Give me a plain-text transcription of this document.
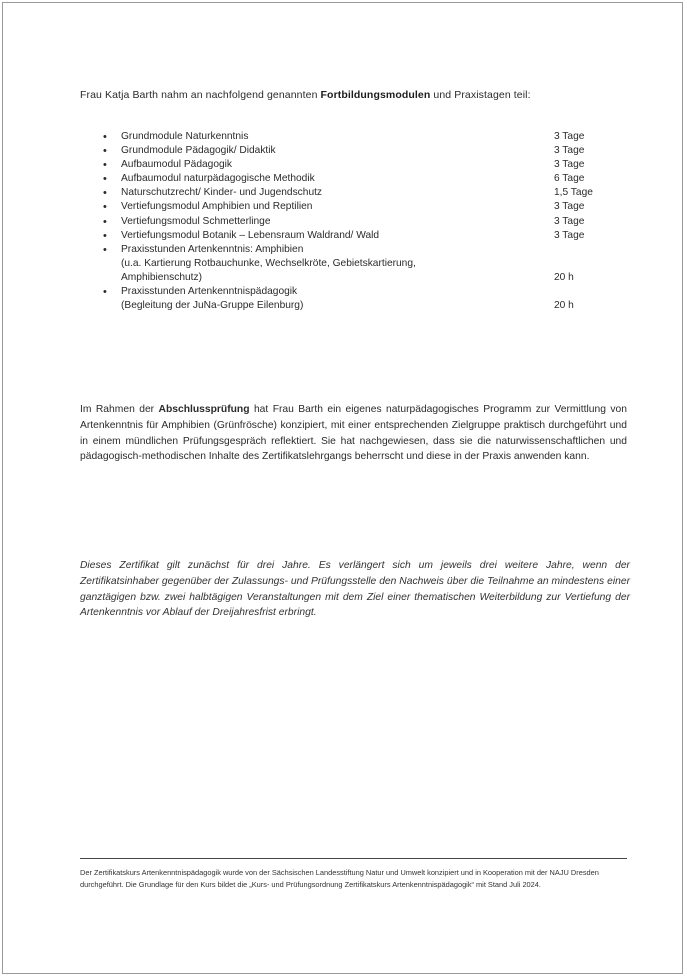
Frau Katja Barth nahm an nachfolgend genannten Fortbildungsmodulen und Praxistagen teil:

• Grundmodule Naturkenntnis	3 Tage
• Grundmodule Pädagogik/ Didaktik	3 Tage
• Aufbaumodul Pädagogik	3 Tage
• Aufbaumodul naturpädagogische Methodik	6 Tage
• Naturschutzrecht/ Kinder- und Jugendschutz	1,5 Tage
• Vertiefungsmodul Amphibien und Reptilien	3 Tage
• Vertiefungsmodul Schmetterlinge	3 Tage
• Vertiefungsmodul Botanik – Lebensraum Waldrand/ Wald	3 Tage
• Praxisstunden Artenkenntnis: Amphibien
(u.a. Kartierung Rotbauchunke, Wechselkröte, Gebietskartierung,
Amphibienschutz)	20 h
• Praxisstunden Artenkenntnispädagogik
(Begleitung der JuNa-Gruppe Eilenburg)	20 h

Im Rahmen der Abschlussprüfung hat Frau Barth ein eigenes naturpädagogisches Programm zur Vermittlung von Artenkenntnis für Amphibien (Grünfrösche) konzipiert, mit einer entsprechenden Zielgruppe praktisch durchgeführt und in einem mündlichen Prüfungsgespräch reflektiert. Sie hat nachgewiesen, dass sie die naturwissenschaftlichen und pädagogisch-methodischen Inhalte des Zertifikatslehrgangs beherrscht und diese in der Praxis anwenden kann.

Dieses Zertifikat gilt zunächst für drei Jahre. Es verlängert sich um jeweils drei weitere Jahre, wenn der Zertifikatsinhaber gegenüber der Zulassungs- und Prüfungsstelle den Nachweis über die Teilnahme an mindestens einer ganztägigen bzw. zwei halbtägigen Veranstaltungen mit dem Ziel einer thematischen Weiterbildung zur Vertiefung der Artenkenntnis vor Ablauf der Dreijahresfrist erbringt.

Der Zertifikatskurs Artenkenntnispädagogik wurde von der Sächsischen Landesstiftung Natur und Umwelt konzipiert und in Kooperation mit der NAJU Dresden durchgeführt. Die Grundlage für den Kurs bildet die „Kurs- und Prüfungsordnung Zertifikatskurs Artenkenntnispädagogik“ mit Stand Juli 2024.
